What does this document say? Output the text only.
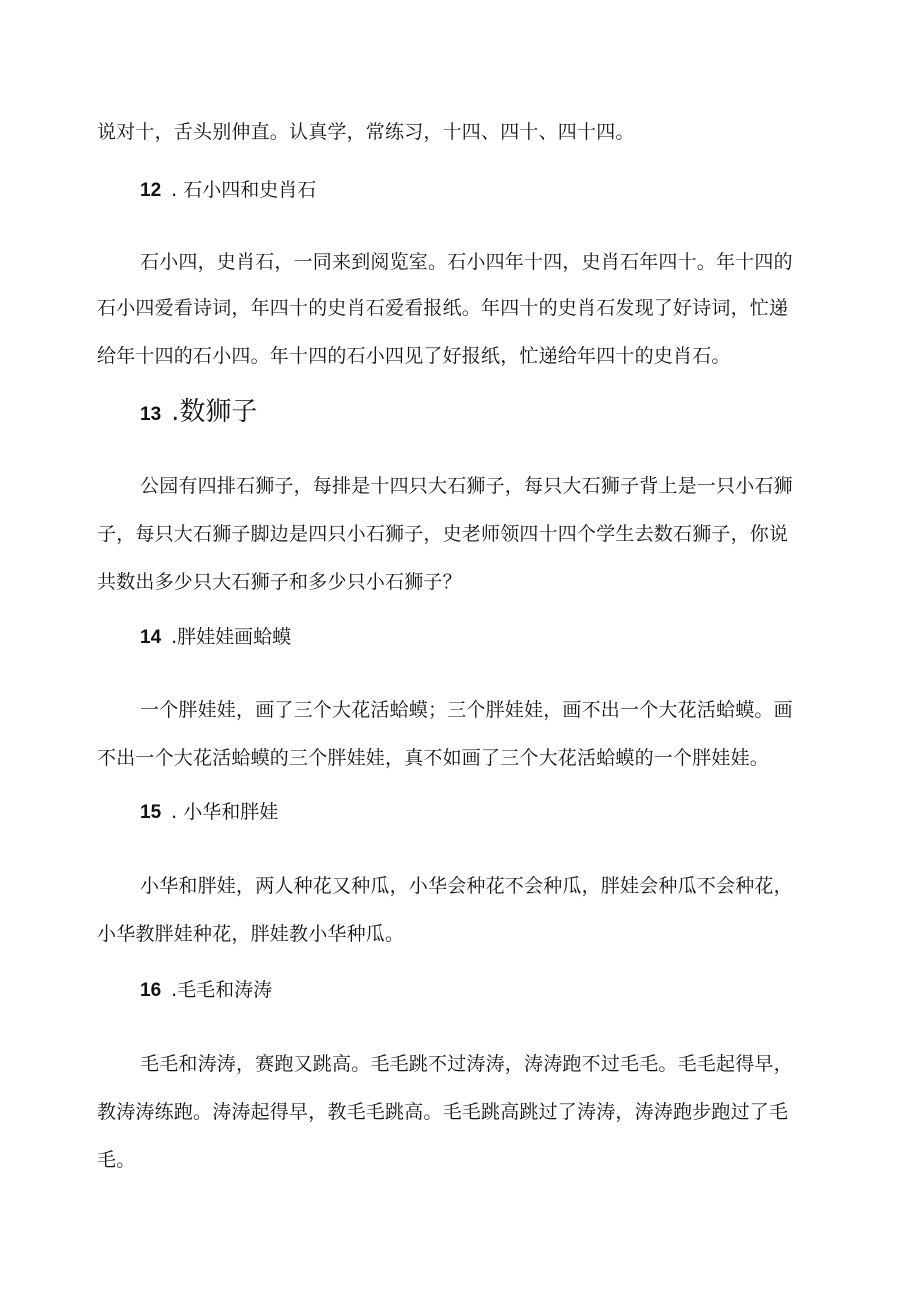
说对十，舌头别伸直。认真学，常练习，十四、四十、四十四。
12 . 石小四和史肖石
石小四，史肖石，一同来到阅览室。石小四年十四，史肖石年四十。年十四的
石小四爱看诗词，年四十的史肖石爱看报纸。年四十的史肖石发现了好诗词，忙递
给年十四的石小四。年十四的石小四见了好报纸，忙递给年四十的史肖石。
13 .数狮子
公园有四排石狮子，每排是十四只大石狮子，每只大石狮子背上是一只小石狮
子，每只大石狮子脚边是四只小石狮子，史老师领四十四个学生去数石狮子，你说
共数出多少只大石狮子和多少只小石狮子？
14 .胖娃娃画蛤蟆
一个胖娃娃，画了三个大花活蛤蟆；三个胖娃娃，画不出一个大花活蛤蟆。画
不出一个大花活蛤蟆的三个胖娃娃，真不如画了三个大花活蛤蟆的一个胖娃娃。
15 . 小华和胖娃
小华和胖娃，两人种花又种瓜，小华会种花不会种瓜，胖娃会种瓜不会种花，
小华教胖娃种花，胖娃教小华种瓜。
16 .毛毛和涛涛
毛毛和涛涛，赛跑又跳高。毛毛跳不过涛涛，涛涛跑不过毛毛。毛毛起得早，
教涛涛练跑。涛涛起得早，教毛毛跳高。毛毛跳高跳过了涛涛，涛涛跑步跑过了毛
毛。
